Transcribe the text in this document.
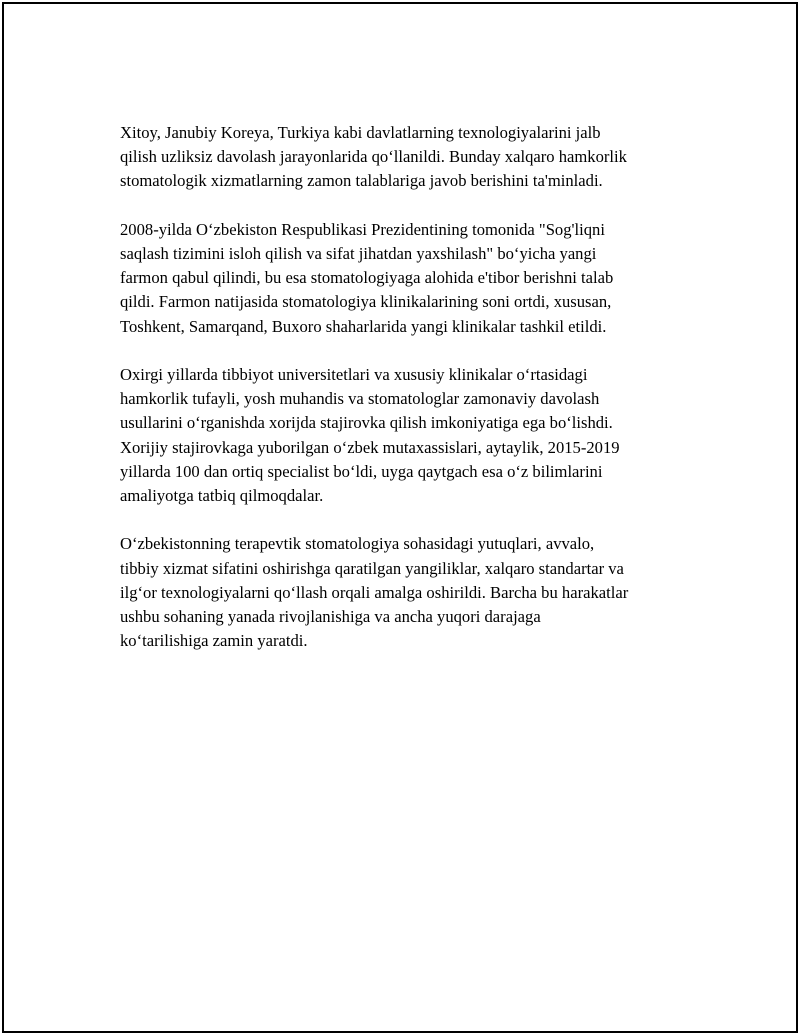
Xitoy, Janubiy Koreya, Turkiya kabi davlatlarning texnologiyalarini jalb
qilish uzliksiz davolash jarayonlarida qo‘llanildi. Bunday xalqaro hamkorlik
stomatologik xizmatlarning zamon talablariga javob berishini ta'minladi.

2008-yilda O‘zbekiston Respublikasi Prezidentining tomonida "Sog'liqni
saqlash tizimini isloh qilish va sifat jihatdan yaxshilash" bo‘yicha yangi
farmon qabul qilindi, bu esa stomatologiyaga alohida e'tibor berishni talab
qildi. Farmon natijasida stomatologiya klinikalarining soni ortdi, xususan,
Toshkent, Samarqand, Buxoro shaharlarida yangi klinikalar tashkil etildi.

Oxirgi yillarda tibbiyot universitetlari va xususiy klinikalar o‘rtasidagi
hamkorlik tufayli, yosh muhandis va stomatologlar zamonaviy davolash
usullarini o‘rganishda xorijda stajirovka qilish imkoniyatiga ega bo‘lishdi.
Xorijiy stajirovkaga yuborilgan o‘zbek mutaxassislari, aytaylik, 2015-2019
yillarda 100 dan ortiq specialist bo‘ldi, uyga qaytgach esa o‘z bilimlarini
amaliyotga tatbiq qilmoqdalar.

O‘zbekistonning terapevtik stomatologiya sohasidagi yutuqlari, avvalo,
tibbiy xizmat sifatini oshirishga qaratilgan yangiliklar, xalqaro standartar va
ilg‘or texnologiyalarni qo‘llash orqali amalga oshirildi. Barcha bu harakatlar
ushbu sohaning yanada rivojlanishiga va ancha yuqori darajaga
ko‘tarilishiga zamin yaratdi.
